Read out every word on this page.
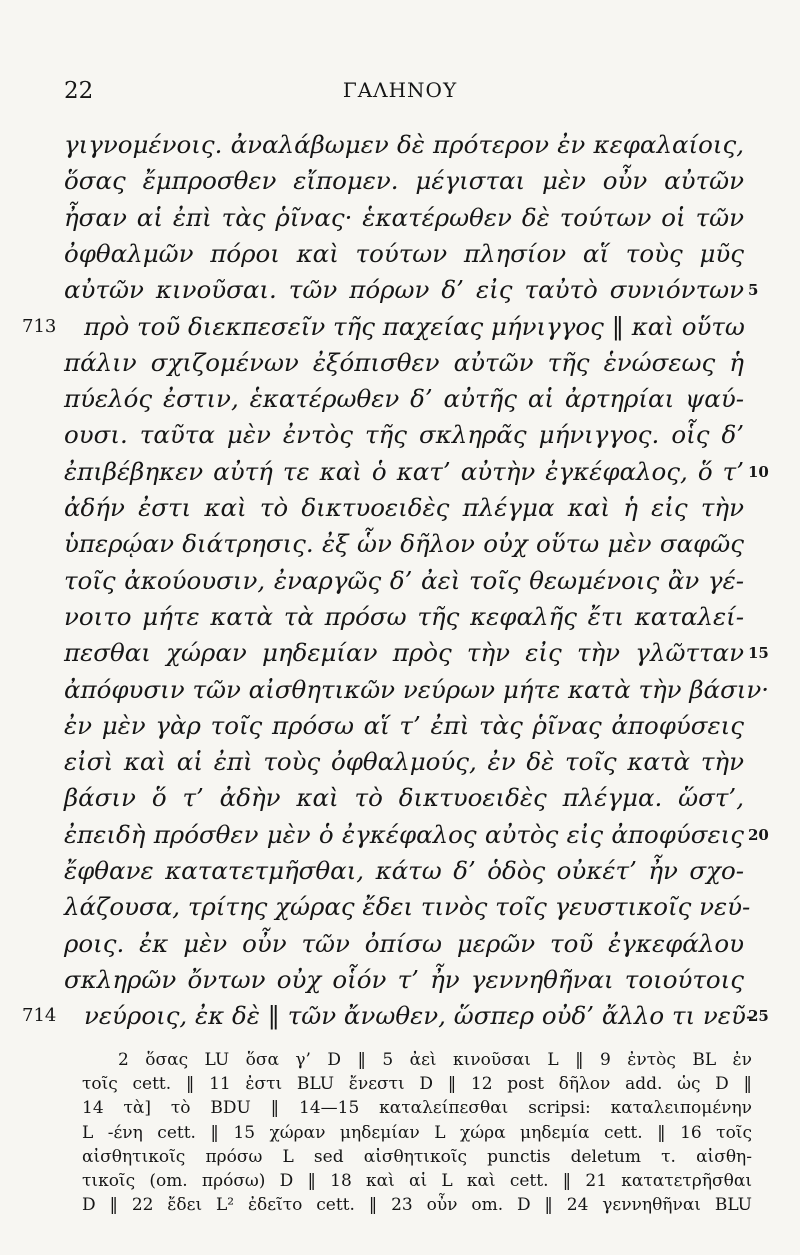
22	ΓΑΛΗΝΟΥ
γιγνομένοις. ἀναλάβωμεν δὲ πρότερον ἐν κεφαλαίοις,
ὅσας ἔμπροσθεν εἴπομεν. μέγισται μὲν οὖν αὐτῶν
ἦσαν αἱ ἐπὶ τὰς ῥῖνας· ἑκατέρωθεν δὲ τούτων οἱ τῶν
ὀφθαλμῶν πόροι καὶ τούτων πλησίον αἵ τοὺς μῦς
αὐτῶν κινοῦσαι. τῶν πόρων δ’ εἰς ταὐτὸ συνιόντων 5
πρὸ τοῦ διεκπεσεῖν τῆς παχείας μήνιγγος ‖ καὶ οὕτω
713
πάλιν σχιζομένων ἐξόπισθεν αὐτῶν τῆς ἑνώσεως ἡ
πύελός ἐστιν, ἑκατέρωθεν δ’ αὐτῆς αἱ ἀρτηρίαι ψαύ-
ουσι. ταῦτα μὲν ἐντὸς τῆς σκληρᾶς μήνιγγος. οἷς δ’
ἐπιβέβηκεν αὐτή τε καὶ ὁ κατ’ αὐτὴν ἐγκέφαλος, ὅ τ’ 10
ἀδήν ἐστι καὶ τὸ δικτυοειδὲς πλέγμα καὶ ἡ εἰς τὴν
ὑπερῴαν διάτρησις. ἐξ ὧν δῆλον οὐχ οὕτω μὲν σαφῶς
τοῖς ἀκούουσιν, ἐναργῶς δ’ ἀεὶ τοῖς θεωμένοις ἂν γέ-
νοιτο μήτε κατὰ τὰ πρόσω τῆς κεφαλῆς ἔτι καταλεί-
πεσθαι χώραν μηδεμίαν πρὸς τὴν εἰς τὴν γλῶτταν 15
ἀπόφυσιν τῶν αἰσθητικῶν νεύρων μήτε κατὰ τὴν βάσιν·
ἐν μὲν γὰρ τοῖς πρόσω αἵ τ’ ἐπὶ τὰς ῥῖνας ἀποφύσεις
εἰσὶ καὶ αἱ ἐπὶ τοὺς ὀφθαλμούς, ἐν δὲ τοῖς κατὰ τὴν
βάσιν ὅ τ’ ἀδὴν καὶ τὸ δικτυοειδὲς πλέγμα. ὥστ’,
ἐπειδὴ πρόσθεν μὲν ὁ ἐγκέφαλος αὐτὸς εἰς ἀποφύσεις 20
ἔφθανε κατατετμῆσθαι, κάτω δ’ ὁδὸς οὐκέτ’ ἦν σχο-
λάζουσα, τρίτης χώρας ἔδει τινὸς τοῖς γευστικοῖς νεύ-
ροις. ἐκ μὲν οὖν τῶν ὀπίσω μερῶν τοῦ ἐγκεφάλου
σκληρῶν ὄντων οὐχ οἷόν τ’ ἦν γεννηθῆναι τοιούτοις
νεύροις, ἐκ δὲ ‖ τῶν ἄνωθεν, ὥσπερ οὐδ’ ἄλλο τι νεῦ-
714	25
2 ὅσας LU ὅσα γ’ D ‖ 5 ἀεὶ κινοῦσαι L ‖ 9 ἐντὸς BL ἐν
τοῖς cett. ‖ 11 ἐστι BLU ἔνεστι D ‖ 12 post δῆλον add. ὡς D ‖
14 τὰ] τὸ BDU ‖ 14—15 καταλείπεσθαι scripsi: καταλειπομένην
L -ένη cett. ‖ 15 χώραν μηδεμίαν L χώρα μηδεμία cett. ‖ 16 τοῖς
αἰσθητικοῖς πρόσω L sed αἰσθητικοῖς punctis deletum τ. αἰσθη-
τικοῖς (om. πρόσω) D ‖ 18 καὶ αἱ L καὶ cett. ‖ 21 κατατετρῆσθαι
D ‖ 22 ἔδει L² ἐδεῖτο cett. ‖ 23 οὖν om. D ‖ 24 γεννηθῆναι BLU
